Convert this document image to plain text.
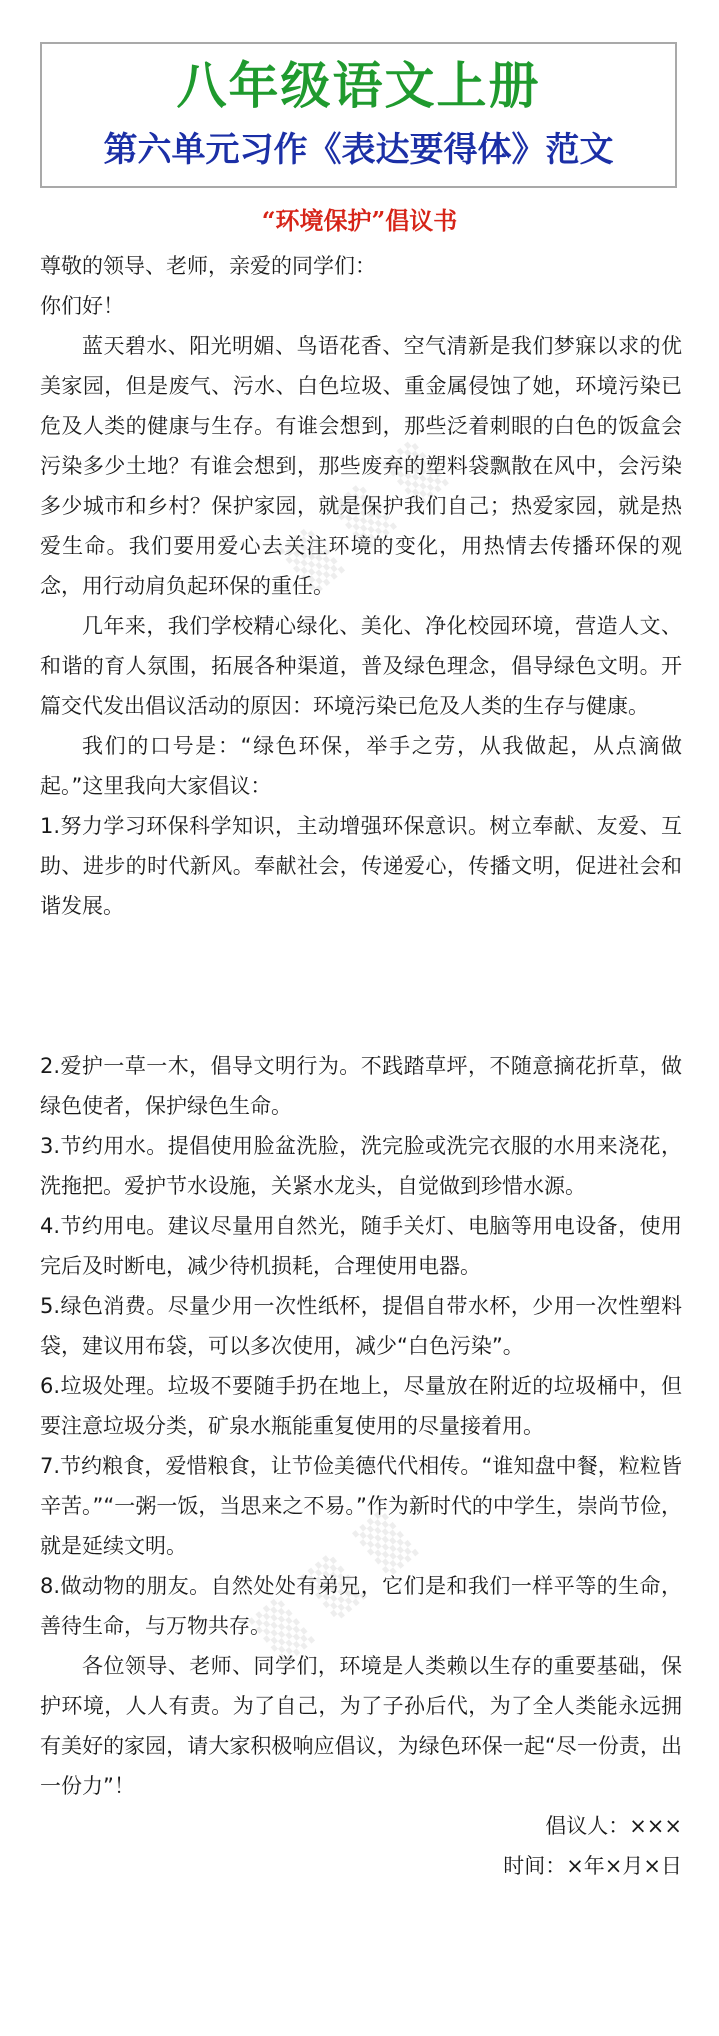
八年级语文上册
第六单元习作《表达要得体》范文
“环境保护”倡议书
▒ ▒ ▒
▒ ▒ ▒

尊敬的领导、老师，亲爱的同学们：

你们好！

蓝天碧水、阳光明媚、鸟语花香、空气清新是我们梦寐以求的优美家园，但是废气、污水、白色垃圾、重金属侵蚀了她，环境污染已危及人类的健康与生存。有谁会想到，那些泛着刺眼的白色的饭盒会污染多少土地？有谁会想到，那些废弃的塑料袋飘散在风中，会污染多少城市和乡村？保护家园，就是保护我们自己；热爱家园，就是热爱生命。我们要用爱心去关注环境的变化，用热情去传播环保的观念，用行动肩负起环保的重任。

几年来，我们学校精心绿化、美化、净化校园环境，营造人文、和谐的育人氛围，拓展各种渠道，普及绿色理念，倡导绿色文明。开篇交代发出倡议活动的原因：环境污染已危及人类的生存与健康。

我们的口号是：“绿色环保，举手之劳，从我做起，从点滴做起。”这里我向大家倡议：

1.努力学习环保科学知识，主动增强环保意识。树立奉献、友爱、互助、进步的时代新风。奉献社会，传递爱心，传播文明，促进社会和谐发展。

2.爱护一草一木，倡导文明行为。不践踏草坪，不随意摘花折草，做绿色使者，保护绿色生命。

3.节约用水。提倡使用脸盆洗脸，洗完脸或洗完衣服的水用来浇花，洗拖把。爱护节水设施，关紧水龙头，自觉做到珍惜水源。

4.节约用电。建议尽量用自然光，随手关灯、电脑等用电设备，使用完后及时断电，减少待机损耗，合理使用电器。

5.绿色消费。尽量少用一次性纸杯，提倡自带水杯，少用一次性塑料袋，建议用布袋，可以多次使用，减少“白色污染”。

6.垃圾处理。垃圾不要随手扔在地上，尽量放在附近的垃圾桶中，但要注意垃圾分类，矿泉水瓶能重复使用的尽量接着用。

7.节约粮食，爱惜粮食，让节俭美德代代相传。“谁知盘中餐，粒粒皆辛苦。”“一粥一饭，当思来之不易。”作为新时代的中学生，崇尚节俭，就是延续文明。

8.做动物的朋友。自然处处有弟兄，它们是和我们一样平等的生命，善待生命，与万物共存。

各位领导、老师、同学们，环境是人类赖以生存的重要基础，保护环境，人人有责。为了自己，为了子孙后代，为了全人类能永远拥有美好的家园，请大家积极响应倡议，为绿色环保一起“尽一份责，出一份力”！

倡议人：×××

时间：×年×月×日
